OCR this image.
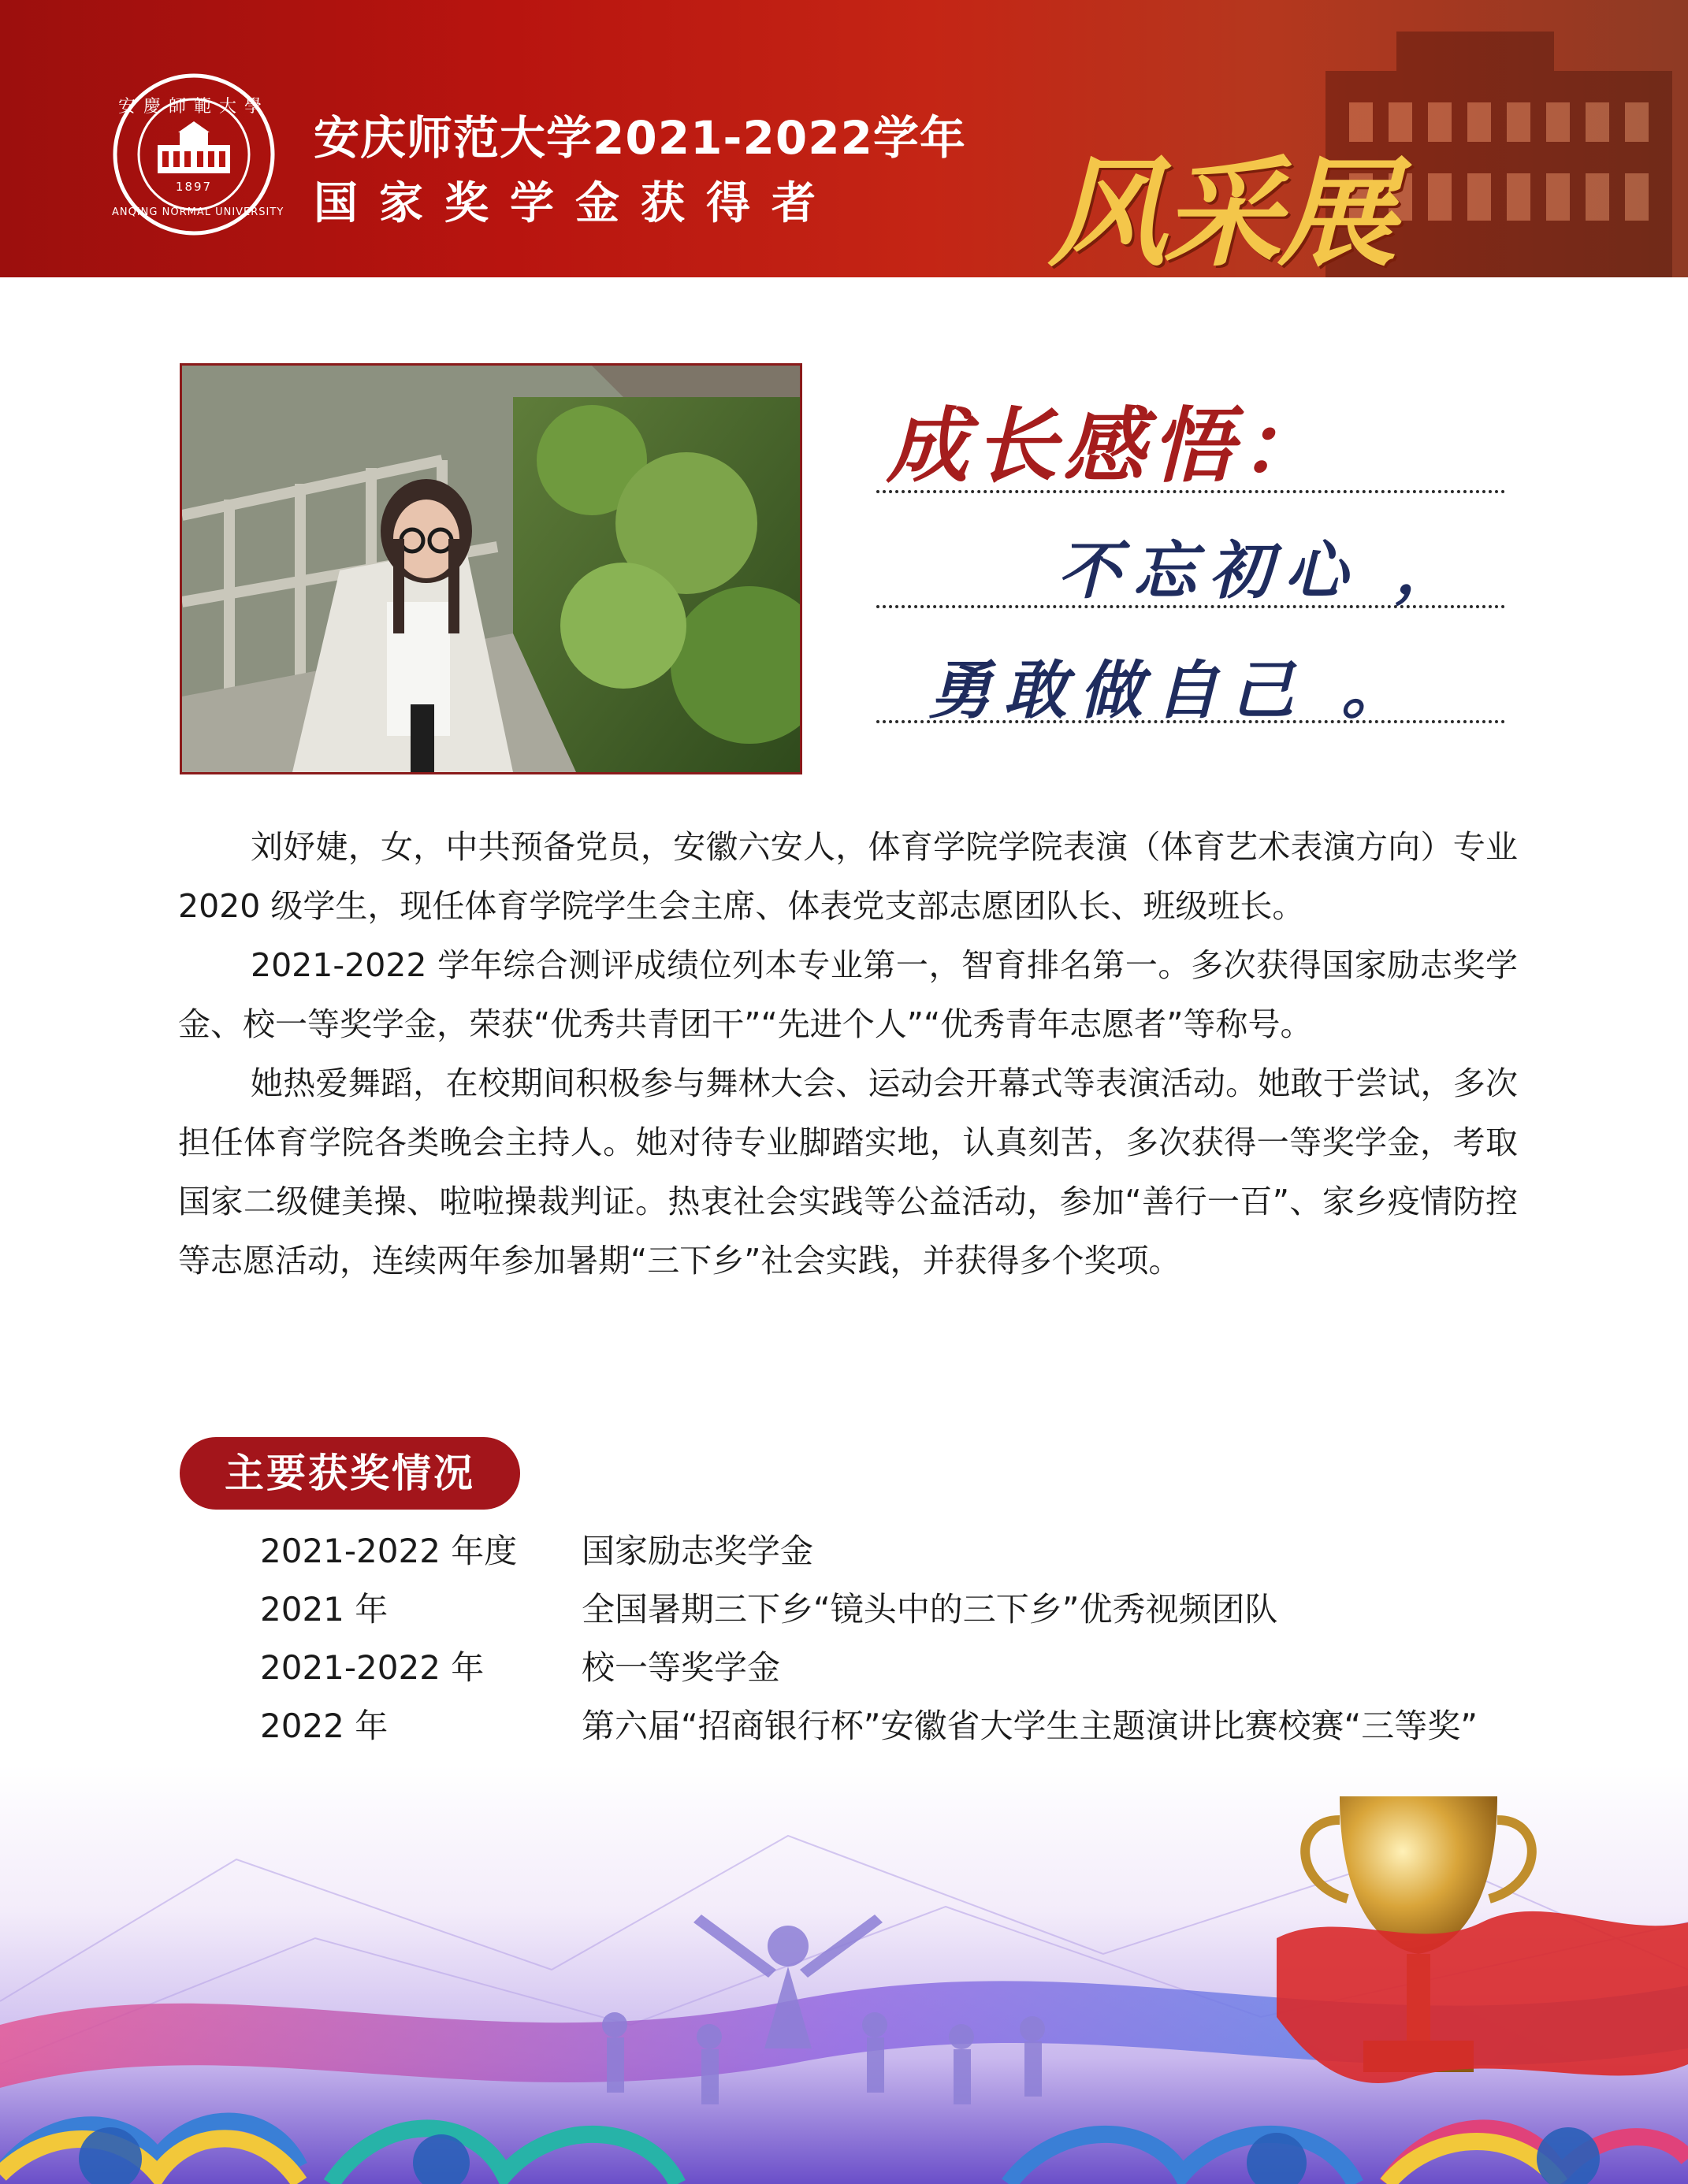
安慶師範大學
1897
ANQING NORMAL UNIVERSITY
安庆师范大学2021-2022学年
国家奖学金获得者 风采展
成长感悟：
不忘初心 ，
勇敢做自己 。

刘妤婕，女，中共预备党员，安徽六安人，体育学院学院表演（体育艺术表演方向）专业 2020 级学生，现任体育学院学生会主席、体表党支部志愿团队长、班级班长。

2021-2022 学年综合测评成绩位列本专业第一，智育排名第一。多次获得国家励志奖学金、校一等奖学金，荣获“优秀共青团干”“先进个人”“优秀青年志愿者”等称号。

她热爱舞蹈，在校期间积极参与舞林大会、运动会开幕式等表演活动。她敢于尝试，多次担任体育学院各类晚会主持人。她对待专业脚踏实地，认真刻苦，多次获得一等奖学金，考取国家二级健美操、啦啦操裁判证。热衷社会实践等公益活动，参加“善行一百”、家乡疫情防控等志愿活动，连续两年参加暑期“三下乡”社会实践，并获得多个奖项。

主要获奖情况
2021-2022 年度 国家励志奖学金
2021 年	全国暑期三下乡“镜头中的三下乡”优秀视频团队
2021-2022 年	校一等奖学金
2022 年	第六届“招商银行杯”安徽省大学生主题演讲比赛校赛“三等奖”
